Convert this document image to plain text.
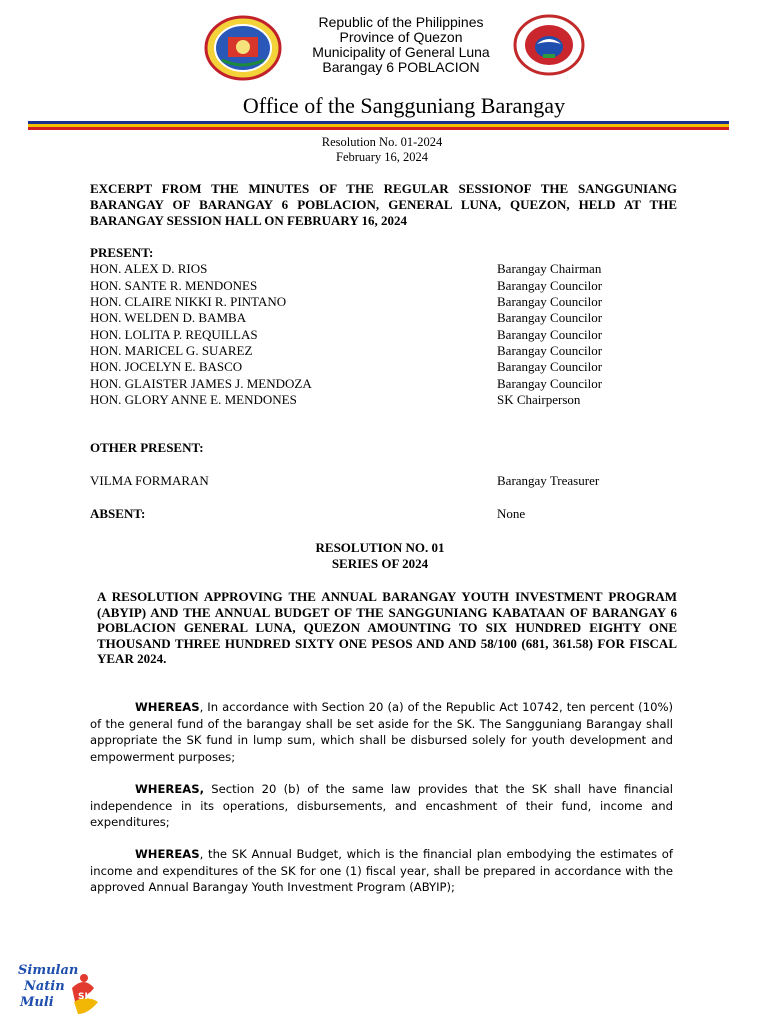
Republic of the Philippines
Province of Quezon
Municipality of General Luna
Barangay 6 POBLACION
Office of the Sangguniang Barangay
Resolution No. 01-2024
February 16, 2024
EXCERPT FROM THE MINUTES OF THE REGULAR SESSIONOF THE SANGGUNIANG BARANGAY OF BARANGAY 6 POBLACION, GENERAL LUNA, QUEZON, HELD AT THE BARANGAY SESSION HALL ON FEBRUARY 16, 2024
PRESENT:
HON. ALEX D. RIOS	Barangay Chairman
HON. SANTE R. MENDONES	Barangay Councilor
HON. CLAIRE NIKKI R. PINTANO	Barangay Councilor
HON. WELDEN D. BAMBA	Barangay Councilor
HON. LOLITA P. REQUILLAS	Barangay Councilor
HON. MARICEL G. SUAREZ	Barangay Councilor
HON. JOCELYN E. BASCO	Barangay Councilor
HON. GLAISTER JAMES J. MENDOZA	Barangay Councilor
HON. GLORY ANNE E. MENDONES	SK Chairperson
OTHER PRESENT:
VILMA FORMARAN	Barangay Treasurer
ABSENT:	None
RESOLUTION NO. 01
SERIES OF 2024
A RESOLUTION APPROVING THE ANNUAL BARANGAY YOUTH INVESTMENT PROGRAM (ABYIP) AND THE ANNUAL BUDGET OF THE SANGGUNIANG KABATAAN OF BARANGAY 6 POBLACION GENERAL LUNA, QUEZON AMOUNTING TO SIX HUNDRED EIGHTY ONE THOUSAND THREE HUNDRED SIXTY ONE PESOS AND AND 58/100 (681, 361.58) FOR FISCAL YEAR 2024.
WHEREAS, In accordance with Section 20 (a) of the Republic Act 10742, ten percent (10%) of the general fund of the barangay shall be set aside for the SK. The Sangguniang Barangay shall appropriate the SK fund in lump sum, which shall be disbursed solely for youth development and empowerment purposes;
WHEREAS, Section 20 (b) of the same law provides that the SK shall have financial independence in its operations, disbursements, and encashment of their fund, income and expenditures;
WHEREAS, the SK Annual Budget, which is the financial plan embodying the estimates of income and expenditures of the SK for one (1) fiscal year, shall be prepared in accordance with the approved Annual Barangay Youth Investment Program (ABYIP);
Simulan
Natin
Muli	SK
